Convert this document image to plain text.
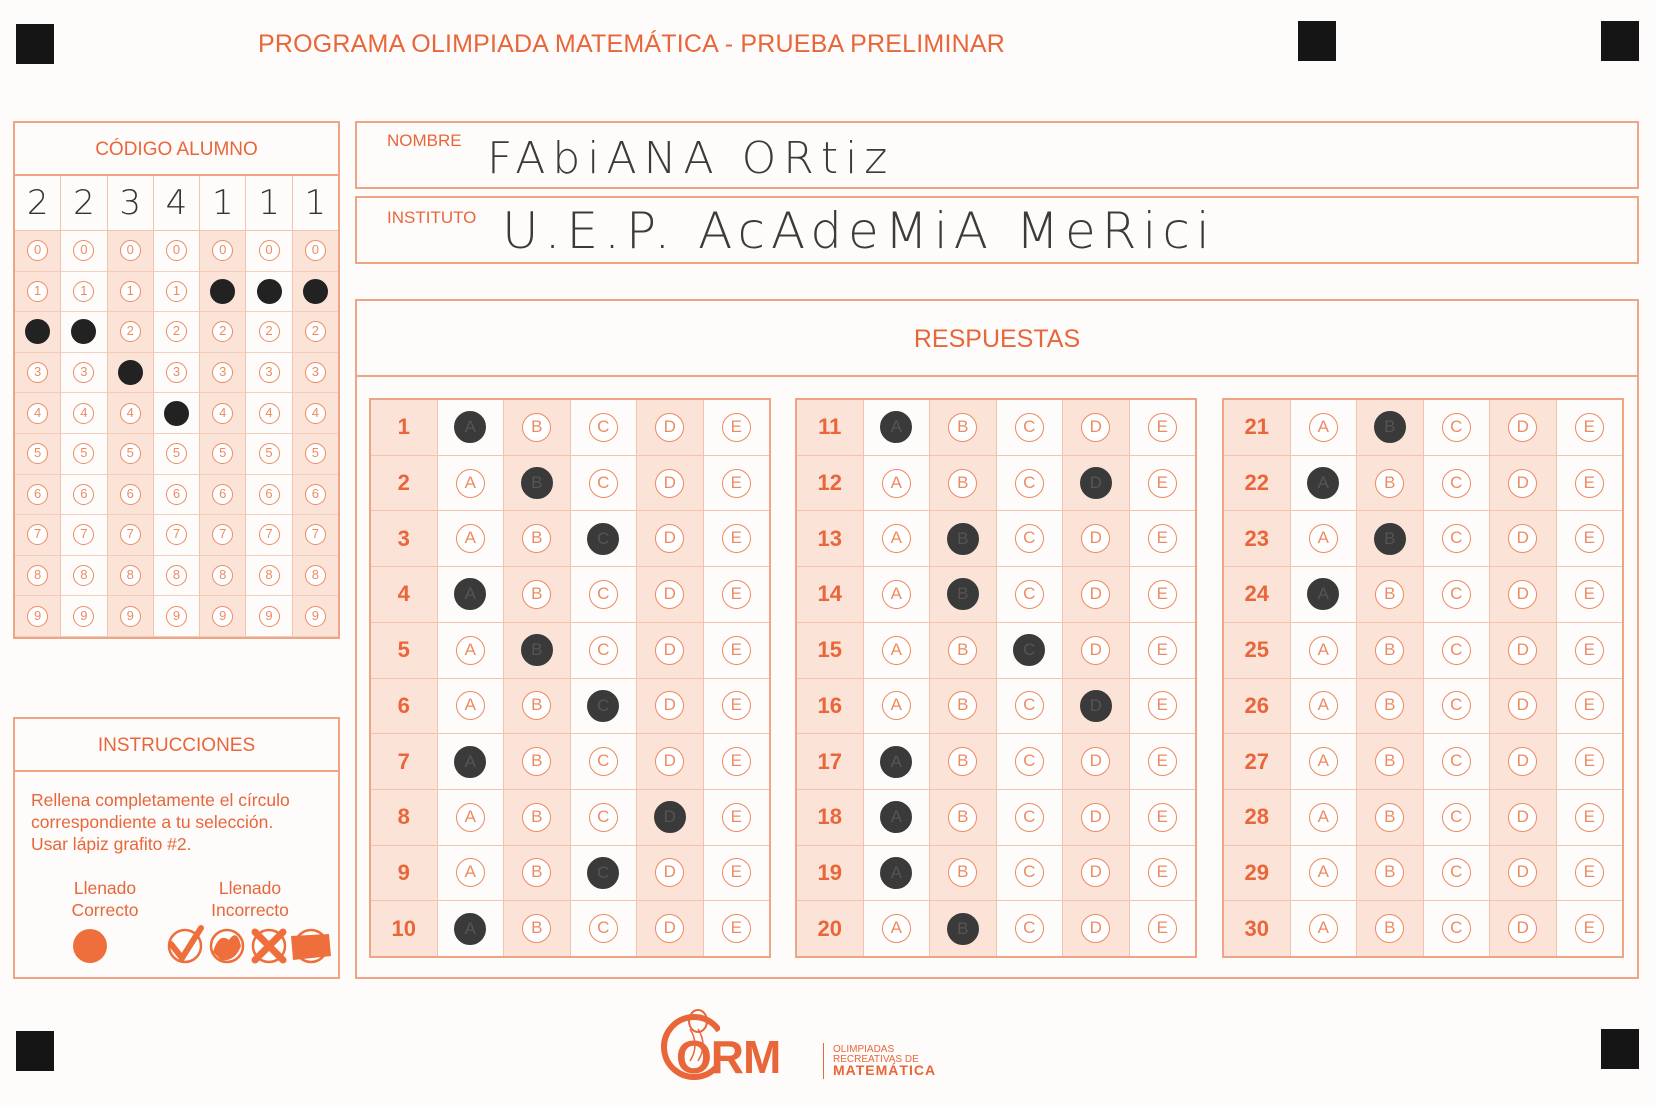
PROGRAMA OLIMPIADA MATEMÁTICA - PRUEBA PRELIMINAR
CÓDIGO ALUMNO
2
0
1
2
3
4
5
6
7
8
9
2
0
1
2
3
4
5
6
7
8
9
3
0
1
2
3
4
5
6
7
8
9
4
0
1
2
3
4
5
6
7
8
9
1
0
1
2
3
4
5
6
7
8
9
1
0
1
2
3
4
5
6
7
8
9
1
0
1
2
3
4
5
6
7
8
9
NOMBRE FAbiANA ORtiz
INSTITUTO U.E.P. AcAdeMiA MeRici
RESPUESTAS
1
2
3
4
5
6
7
8
9
10
A
A
A
A
A
A
A
A
A
A
B
B
B
B
B
B
B
B
B
B
C
C
C
C
C
C
C
C
C
C
D
D
D
D
D
D
D
D
D
D
E
E
E
E
E
E
E
E
E
E
11
12
13
14
15
16
17
18
19
20
A
A
A
A
A
A
A
A
A
A
B
B
B
B
B
B
B
B
B
B
C
C
C
C
C
C
C
C
C
C
D
D
D
D
D
D
D
D
D
D
E
E
E
E
E
E
E
E
E
E
21
22
23
24
25
26
27
28
29
30
A
A
A
A
A
A
A
A
A
A
B
B
B
B
B
B
B
B
B
B
C
C
C
C
C
C
C
C
C
C
D
D
D
D
D
D
D
D
D
D
E
E
E
E
E
E
E
E
E
E
INSTRUCCIONES
Rellena completamente el círculo
correspondiente a tu selección.
Usar lápiz grafito #2.
Llenado
Correcto
Llenado
Incorrecto
ORM	OLIMPIADAS
RECREATIVAS DE
MATEMÁTICA
